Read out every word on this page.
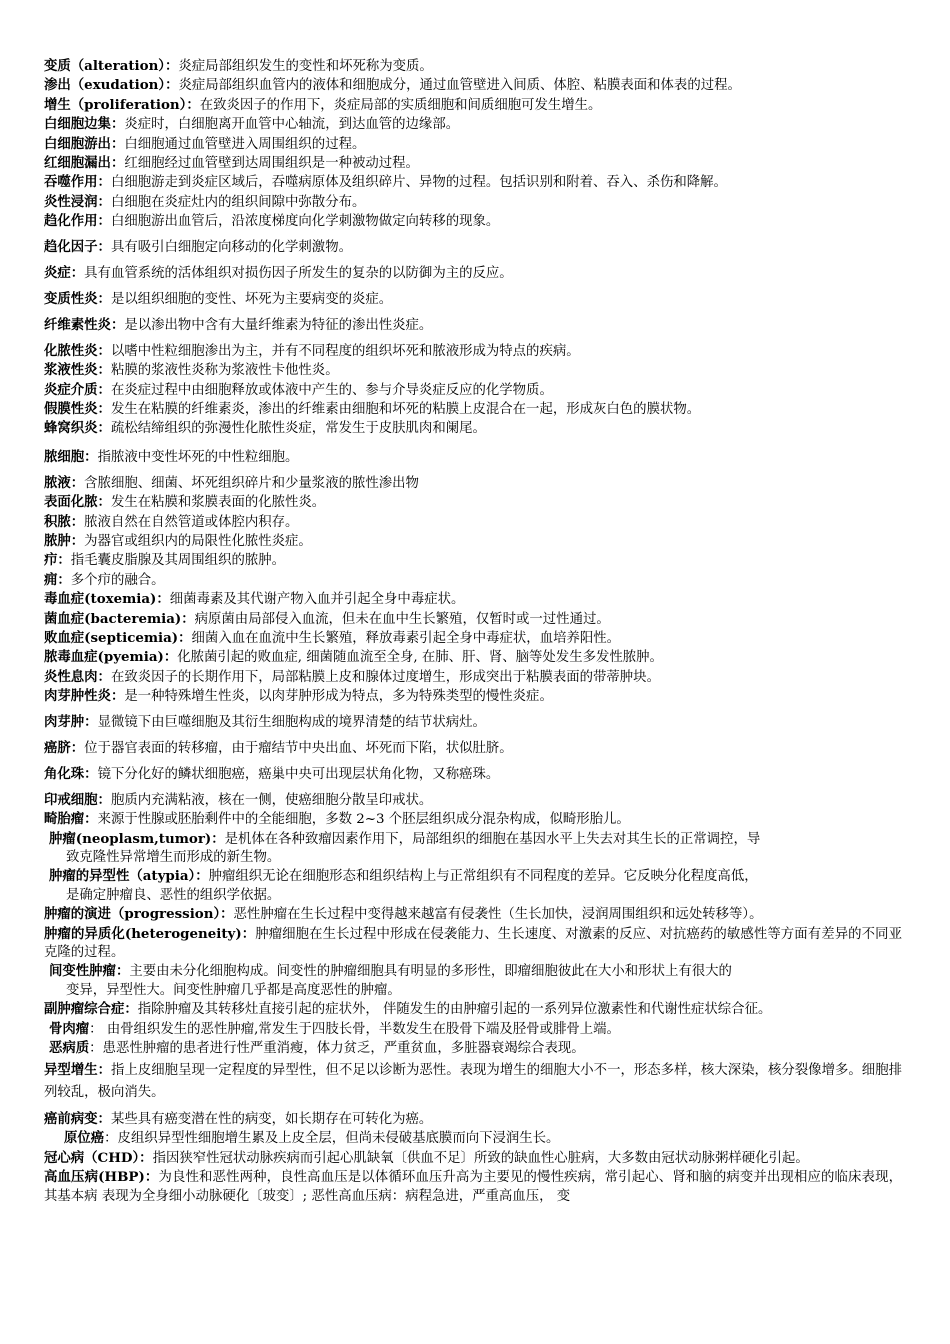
变质（alteration）：炎症局部组织发生的变性和坏死称为变质。

渗出（exudation）：炎症局部组织血管内的液体和细胞成分，通过血管壁进入间质、体腔、粘膜表面和体表的过程。

增生（proliferation）：在致炎因子的作用下，炎症局部的实质细胞和间质细胞可发生增生。

白细胞边集：炎症时，白细胞离开血管中心轴流，到达血管的边缘部。

白细胞游出：白细胞通过血管壁进入周围组织的过程。

红细胞漏出：红细胞经过血管壁到达周围组织是一种被动过程。

吞噬作用：白细胞游走到炎症区域后，吞噬病原体及组织碎片、异物的过程。包括识别和附着、吞入、杀伤和降解。

炎性浸润：白细胞在炎症灶内的组织间隙中弥散分布。

趋化作用：白细胞游出血管后，沿浓度梯度向化学刺激物做定向转移的现象。

趋化因子：具有吸引白细胞定向移动的化学刺激物。

炎症：具有血管系统的活体组织对损伤因子所发生的复杂的以防御为主的反应。

变质性炎：是以组织细胞的变性、坏死为主要病变的炎症。

纤维素性炎：是以渗出物中含有大量纤维素为特征的渗出性炎症。

化脓性炎：以嗜中性粒细胞渗出为主，并有不同程度的组织坏死和脓液形成为特点的疾病。

浆液性炎：粘膜的浆液性炎称为浆液性卡他性炎。

炎症介质：在炎症过程中由细胞释放或体液中产生的、参与介导炎症反应的化学物质。

假膜性炎：发生在粘膜的纤维素炎，渗出的纤维素由细胞和坏死的粘膜上皮混合在一起，形成灰白色的膜状物。

蜂窝织炎：疏松结缔组织的弥漫性化脓性炎症，常发生于皮肤肌肉和阑尾。

脓细胞：指脓液中变性坏死的中性粒细胞。

脓液：含脓细胞、细菌、坏死组织碎片和少量浆液的脓性渗出物

表面化脓：发生在粘膜和浆膜表面的化脓性炎。

积脓：脓液自然在自然管道或体腔内积存。

脓肿：为器官或组织内的局限性化脓性炎症。

疖：指毛囊皮脂腺及其周围组织的脓肿。

痈：多个疖的融合。

毒血症(toxemia)：细菌毒素及其代谢产物入血并引起全身中毒症状。

菌血症(bacteremia)：病原菌由局部侵入血流，但未在血中生长繁殖，仅暂时或一过性通过。

败血症(septicemia)：细菌入血在血流中生长繁殖，释放毒素引起全身中毒症状，血培养阳性。

脓毒血症(pyemia)：化脓菌引起的败血症, 细菌随血流至全身, 在肺、肝、肾、脑等处发生多发性脓肿。

炎性息肉：在致炎因子的长期作用下，局部粘膜上皮和腺体过度增生，形成突出于粘膜表面的带蒂肿块。

肉芽肿性炎：是一种特殊增生性炎，以肉芽肿形成为特点，多为特殊类型的慢性炎症。

肉芽肿：显微镜下由巨噬细胞及其衍生细胞构成的境界清楚的结节状病灶。

癌脐：位于器官表面的转移瘤，由于瘤结节中央出血、坏死而下陷，状似肚脐。

角化珠：镜下分化好的鳞状细胞癌，癌巢中央可出现层状角化物，又称癌珠。

印戒细胞：胞质内充满粘液，核在一侧，使癌细胞分散呈印戒状。

畸胎瘤：来源于性腺或胚胎剩件中的全能细胞，多数 2~3 个胚层组织成分混杂构成，似畸形胎儿。

肿瘤(neoplasm,tumor)：是机体在各种致瘤因素作用下，局部组织的细胞在基因水平上失去对其生长的正常调控，导
致克隆性异常增生而形成的新生物。

肿瘤的异型性（atypia）：肿瘤组织无论在细胞形态和组织结构上与正常组织有不同程度的差异。它反映分化程度高低，
是确定肿瘤良、恶性的组织学依据。

肿瘤的演进（progression）：恶性肿瘤在生长过程中变得越来越富有侵袭性（生长加快，浸润周围组织和远处转移等）。

肿瘤的异质化(heterogeneity)：肿瘤细胞在生长过程中形成在侵袭能力、生长速度、对激素的反应、对抗癌药的敏感性等方面有差异的不同亚克隆的过程。

间变性肿瘤：主要由未分化细胞构成。间变性的肿瘤细胞具有明显的多形性，即瘤细胞彼此在大小和形状上有很大的
变异，异型性大。间变性肿瘤几乎都是高度恶性的肿瘤。

副肿瘤综合症：指除肿瘤及其转移灶直接引起的症状外， 伴随发生的由肿瘤引起的一系列异位激素性和代谢性症状综合征。

骨肉瘤： 由骨组织发生的恶性肿瘤,常发生于四肢长骨，半数发生在股骨下端及胫骨或腓骨上端。

恶病质：患恶性肿瘤的患者进行性严重消瘦，体力贫乏，严重贫血，多脏器衰竭综合表现。

异型增生：指上皮细胞呈现一定程度的异型性，但不足以诊断为恶性。表现为增生的细胞大小不一，形态多样，核大深染，核分裂像增多。细胞排列较乱，极向消失。

癌前病变：某些具有癌变潜在性的病变，如长期存在可转化为癌。

原位癌：皮组织异型性细胞增生累及上皮全层，但尚未侵破基底膜而向下浸润生长。

冠心病（CHD）：指因狭窄性冠状动脉疾病而引起心肌缺氧〔供血不足〕所致的缺血性心脏病，大多数由冠状动脉粥样硬化引起。

高血压病(HBP)：为良性和恶性两种，良性高血压是以体循环血压升高为主要见的慢性疾病，常引起心、肾和脑的病变并出现相应的临床表现，其基本病 表现为全身细小动脉硬化〔玻变〕; 恶性高血压病：病程急进，严重高血压， 变
